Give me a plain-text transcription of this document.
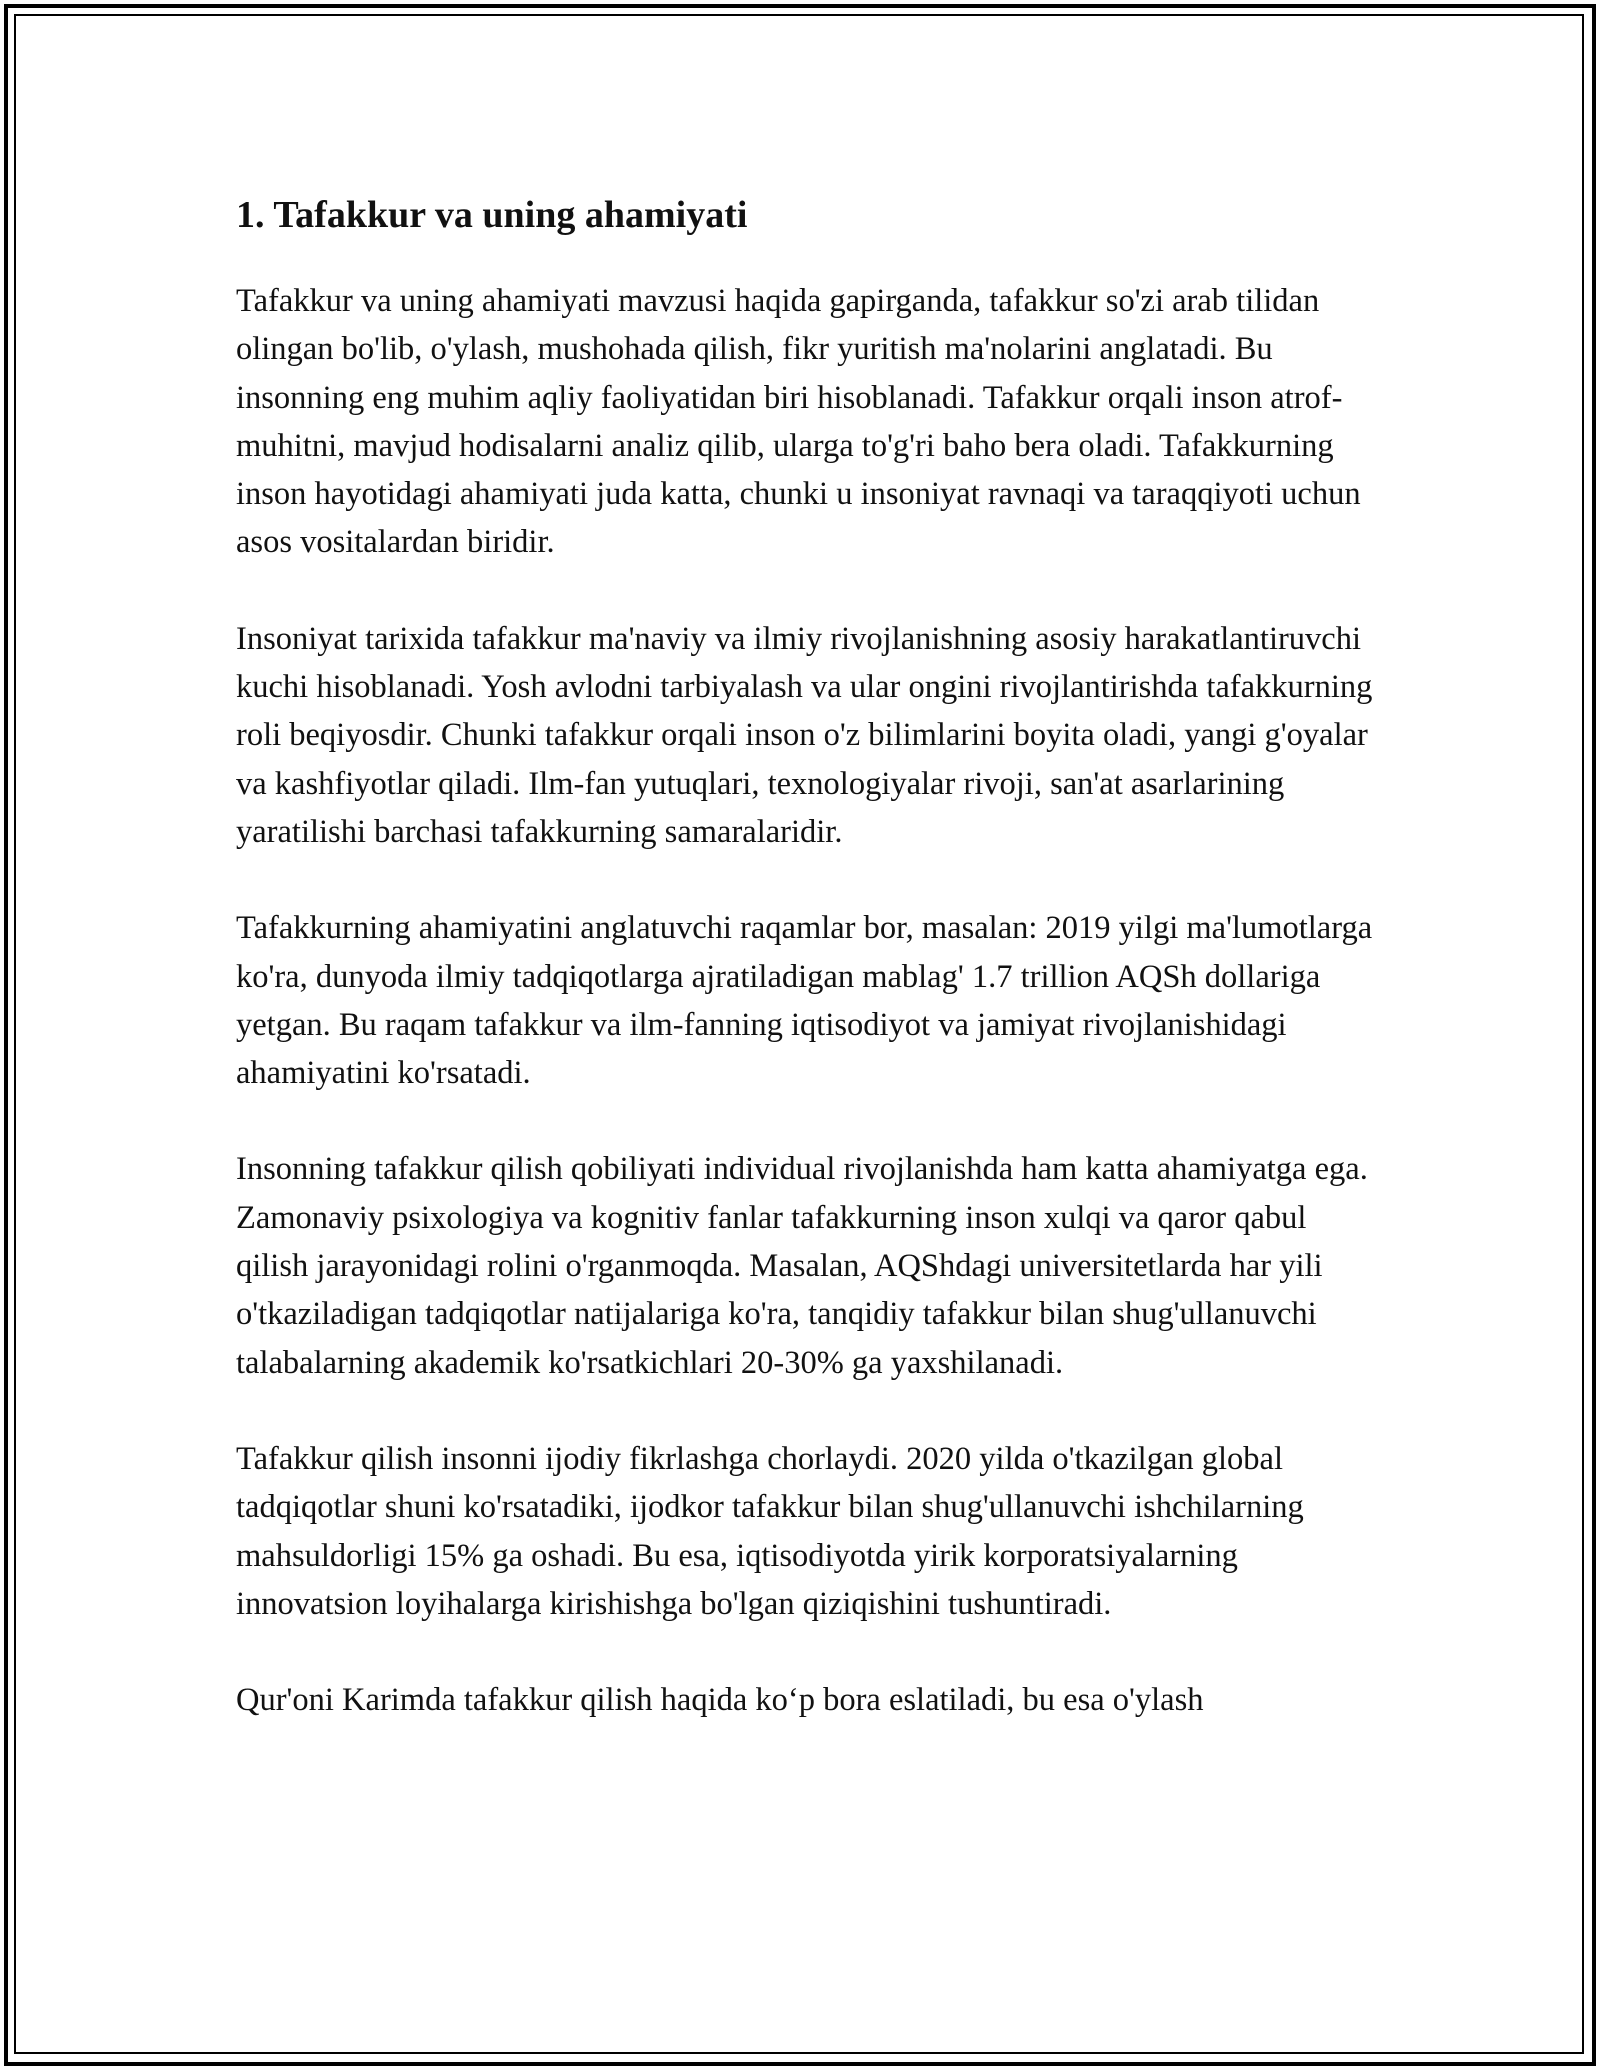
1. Tafakkur va uning ahamiyati

Tafakkur va uning ahamiyati mavzusi haqida gapirganda, tafakkur so'zi arab tilidan olingan bo'lib, o'ylash, mushohada qilish, fikr yuritish ma'nolarini anglatadi. Bu insonning eng muhim aqliy faoliyatidan biri hisoblanadi. Tafakkur orqali inson atrof-muhitni, mavjud hodisalarni analiz qilib, ularga to'g'ri baho bera oladi. Tafakkurning inson hayotidagi ahamiyati juda katta, chunki u insoniyat ravnaqi va taraqqiyoti uchun asos vositalardan biridir.

Insoniyat tarixida tafakkur ma'naviy va ilmiy rivojlanishning asosiy harakatlantiruvchi kuchi hisoblanadi. Yosh avlodni tarbiyalash va ular ongini rivojlantirishda tafakkurning roli beqiyosdir. Chunki tafakkur orqali inson o'z bilimlarini boyita oladi, yangi g'oyalar va kashfiyotlar qiladi. Ilm-fan yutuqlari, texnologiyalar rivoji, san'at asarlarining yaratilishi barchasi tafakkurning samaralaridir.

Tafakkurning ahamiyatini anglatuvchi raqamlar bor, masalan: 2019 yilgi ma'lumotlarga ko'ra, dunyoda ilmiy tadqiqotlarga ajratiladigan mablag' 1.7 trillion AQSh dollariga yetgan. Bu raqam tafakkur va ilm-fanning iqtisodiyot va jamiyat rivojlanishidagi ahamiyatini ko'rsatadi.

Insonning tafakkur qilish qobiliyati individual rivojlanishda ham katta ahamiyatga ega. Zamonaviy psixologiya va kognitiv fanlar tafakkurning inson xulqi va qaror qabul qilish jarayonidagi rolini o'rganmoqda. Masalan, AQShdagi universitetlarda har yili o'tkaziladigan tadqiqotlar natijalariga ko'ra, tanqidiy tafakkur bilan shug'ullanuvchi talabalarning akademik ko'rsatkichlari 20-30% ga yaxshilanadi.

Tafakkur qilish insonni ijodiy fikrlashga chorlaydi. 2020 yilda o'tkazilgan global tadqiqotlar shuni ko'rsatadiki, ijodkor tafakkur bilan shug'ullanuvchi ishchilarning mahsuldorligi 15% ga oshadi. Bu esa, iqtisodiyotda yirik korporatsiyalarning innovatsion loyihalarga kirishishga bo'lgan qiziqishini tushuntiradi.

Qur'oni Karimda tafakkur qilish haqida ko‘p bora eslatiladi, bu esa o'ylash
